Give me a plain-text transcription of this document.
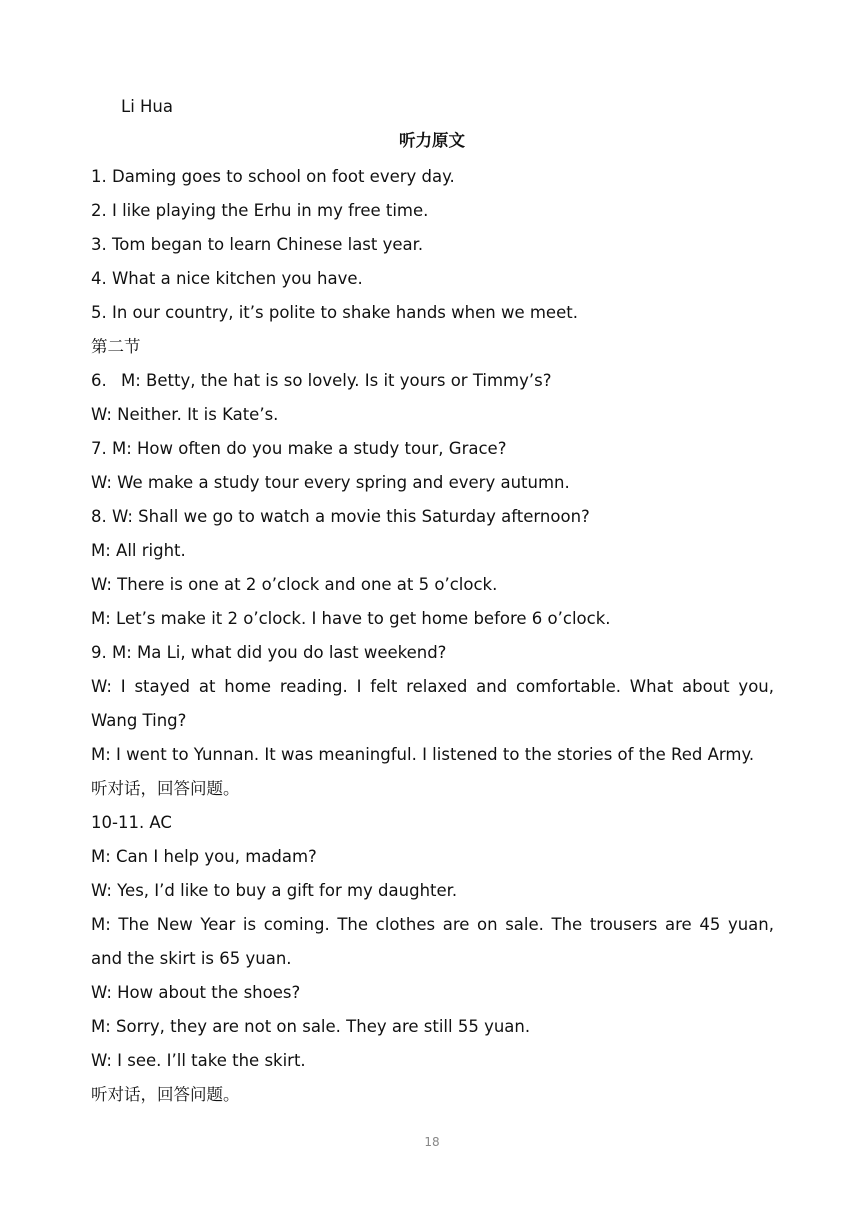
Li Hua
听力原文
1. Daming goes to school on foot every day.
2. I like playing the Erhu in my free time.
3. Tom began to learn Chinese last year.
4. What a nice kitchen you have.
5. In our country, it’s polite to shake hands when we meet.
第二节
6. M: Betty, the hat is so lovely. Is it yours or Timmy’s?
W: Neither. It is Kate’s.
7. M: How often do you make a study tour, Grace?
W: We make a study tour every spring and every autumn.
8. W: Shall we go to watch a movie this Saturday afternoon?
M: All right.
W: There is one at 2 o’clock and one at 5 o’clock.
M: Let’s make it 2 o’clock. I have to get home before 6 o’clock.
9. M: Ma Li, what did you do last weekend?
W: I stayed at home reading. I felt relaxed and comfortable. What about you, Wang Ting?
M: I went to Yunnan. It was meaningful. I listened to the stories of the Red Army.
听对话，回答问题。
10-11. AC
M: Can I help you, madam?
W: Yes, I’d like to buy a gift for my daughter.
M: The New Year is coming. The clothes are on sale. The trousers are 45 yuan, and the skirt is 65 yuan.
W: How about the shoes?
M: Sorry, they are not on sale. They are still 55 yuan.
W: I see. I’ll take the skirt.
听对话，回答问题。
18
